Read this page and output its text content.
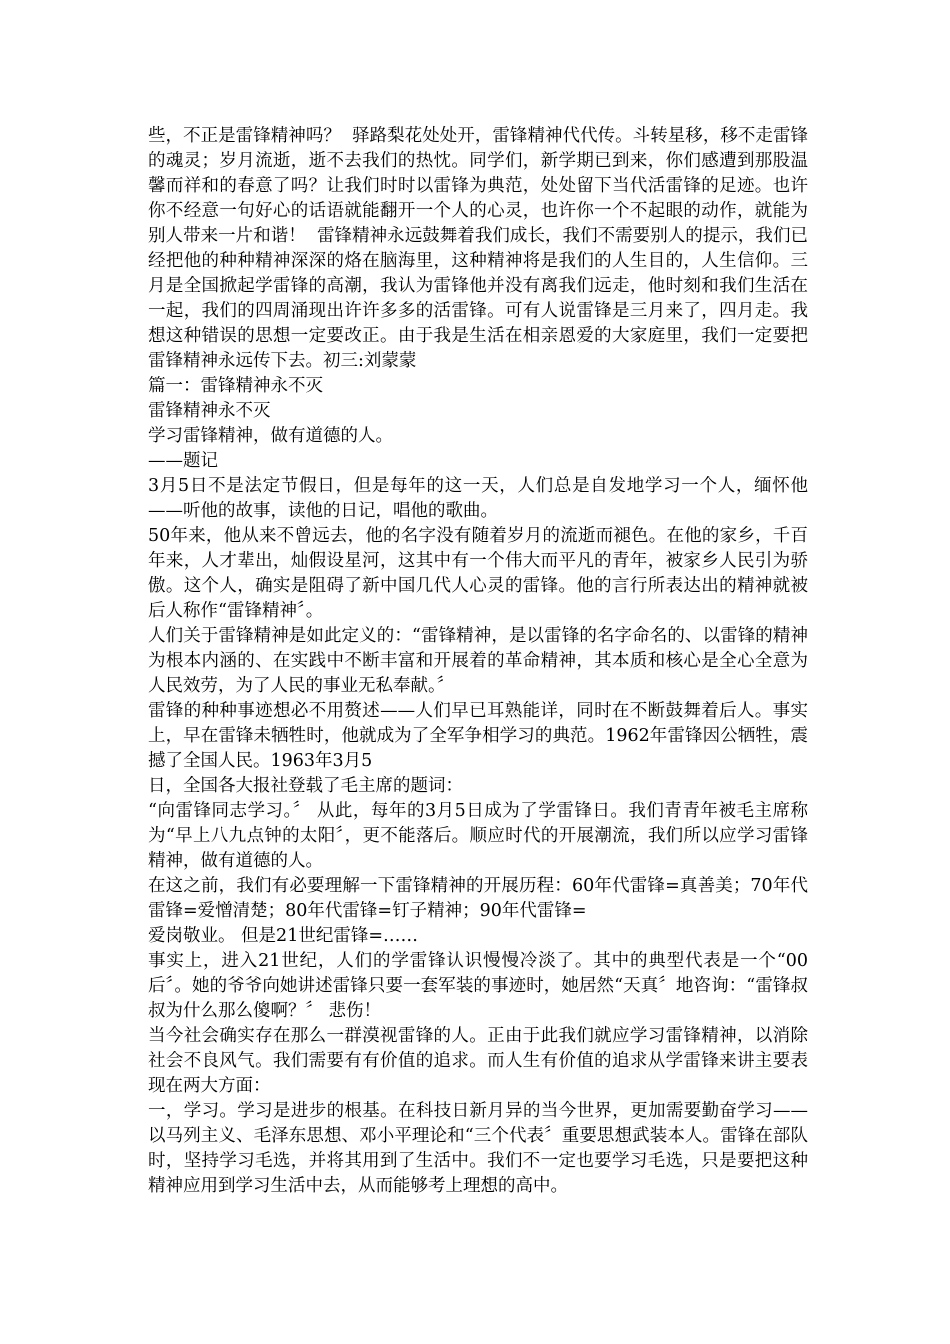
些，不正是雷锋精神吗？  驿路梨花处处开，雷锋精神代代传。斗转星移，移不走雷锋的魂灵；岁月流逝，逝不去我们的热忱。同学们，新学期已到来，你们感遭到那股温馨而祥和的春意了吗？让我们时时以雷锋为典范，处处留下当代活雷锋的足迹。也许你不经意一句好心的话语就能翻开一个人的心灵，也许你一个不起眼的动作，就能为别人带来一片和谐！  雷锋精神永远鼓舞着我们成长，我们不需要别人的提示，我们已经把他的种种精神深深的烙在脑海里，这种精神将是我们的人生目的，人生信仰。三月是全国掀起学雷锋的高潮，我认为雷锋他并没有离我们远走，他时刻和我们生活在一起，我们的四周涌现出许许多多的活雷锋。可有人说雷锋是三月来了，四月走。我想这种错误的思想一定要改正。由于我是生活在相亲恩爱的大家庭里，我们一定要把雷锋精神永远传下去。初三:刘蒙蒙

篇一：雷锋精神永不灭

雷锋精神永不灭

学习雷锋精神，做有道德的人。

——题记

3月5日不是法定节假日，但是每年的这一天，人们总是自发地学习一个人，缅怀他——听他的故事，读他的日记，唱他的歌曲。

50年来，他从来不曾远去，他的名字没有随着岁月的流逝而褪色。在他的家乡，千百年来，人才辈出，灿假设星河，这其中有一个伟大而平凡的青年，被家乡人民引为骄傲。这个人，确实是阻碍了新中国几代人心灵的雷锋。他的言行所表达出的精神就被后人称作“雷锋精神〞。

人们关于雷锋精神是如此定义的：“雷锋精神，是以雷锋的名字命名的、以雷锋的精神为根本内涵的、在实践中不断丰富和开展着的革命精神，其本质和核心是全心全意为人民效劳，为了人民的事业无私奉献。〞

雷锋的种种事迹想必不用赘述——人们早已耳熟能详，同时在不断鼓舞着后人。事实上，早在雷锋未牺牲时，他就成为了全军争相学习的典范。1962年雷锋因公牺牲，震撼了全国人民。1963年3月5

日，全国各大报社登载了毛主席的题词：

“向雷锋同志学习。〞 从此，每年的3月5日成为了学雷锋日。我们青青年被毛主席称为“早上八九点钟的太阳〞，更不能落后。顺应时代的开展潮流，我们所以应学习雷锋精神，做有道德的人。

在这之前，我们有必要理解一下雷锋精神的开展历程：60年代雷锋=真善美；70年代雷锋=爱憎清楚；80年代雷锋=钉子精神；90年代雷锋=

爱岗敬业。 但是21世纪雷锋=……

事实上，进入21世纪，人们的学雷锋认识慢慢冷淡了。其中的典型代表是一个“00后〞。她的爷爷向她讲述雷锋只要一套军装的事迹时，她居然“天真〞地咨询：“雷锋叔叔为什么那么傻啊？〞 悲伤！

当今社会确实存在那么一群漠视雷锋的人。正由于此我们就应学习雷锋精神，以消除社会不良风气。我们需要有有价值的追求。而人生有价值的追求从学雷锋来讲主要表现在两大方面：

一，学习。学习是进步的根基。在科技日新月异的当今世界，更加需要勤奋学习——以马列主义、毛泽东思想、邓小平理论和“三个代表〞重要思想武装本人。雷锋在部队时，坚持学习毛选，并将其用到了生活中。我们不一定也要学习毛选，只是要把这种精神应用到学习生活中去，从而能够考上理想的高中。
